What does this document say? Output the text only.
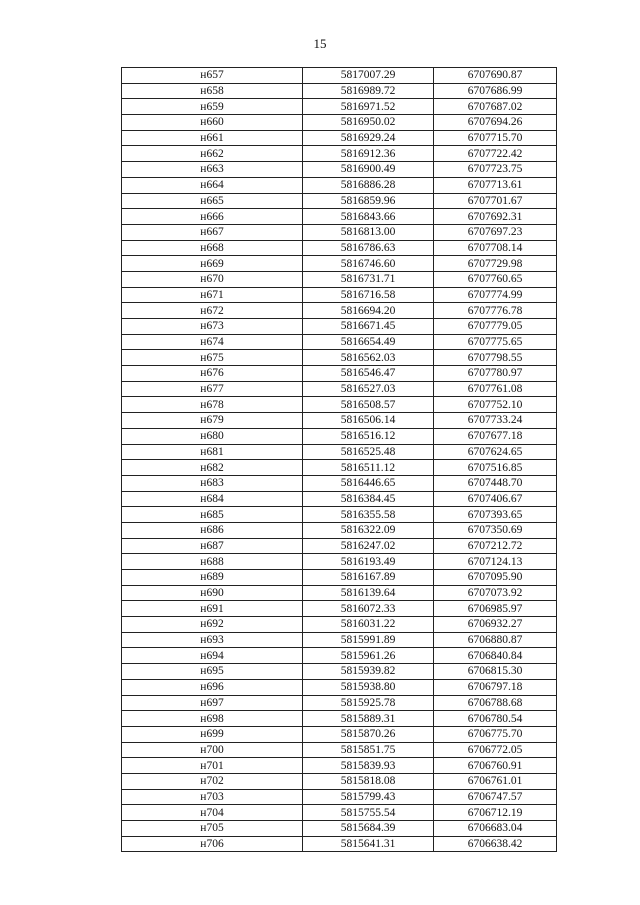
15
н657	5817007.29	6707690.87
н658	5816989.72	6707686.99
н659	5816971.52	6707687.02
н660	5816950.02	6707694.26
н661	5816929.24	6707715.70
н662	5816912.36	6707722.42
н663	5816900.49	6707723.75
н664	5816886.28	6707713.61
н665	5816859.96	6707701.67
н666	5816843.66	6707692.31
н667	5816813.00	6707697.23
н668	5816786.63	6707708.14
н669	5816746.60	6707729.98
н670	5816731.71	6707760.65
н671	5816716.58	6707774.99
н672	5816694.20	6707776.78
н673	5816671.45	6707779.05
н674	5816654.49	6707775.65
н675	5816562.03	6707798.55
н676	5816546.47	6707780.97
н677	5816527.03	6707761.08
н678	5816508.57	6707752.10
н679	5816506.14	6707733.24
н680	5816516.12	6707677.18
н681	5816525.48	6707624.65
н682	5816511.12	6707516.85
н683	5816446.65	6707448.70
н684	5816384.45	6707406.67
н685	5816355.58	6707393.65
н686	5816322.09	6707350.69
н687	5816247.02	6707212.72
н688	5816193.49	6707124.13
н689	5816167.89	6707095.90
н690	5816139.64	6707073.92
н691	5816072.33	6706985.97
н692	5816031.22	6706932.27
н693	5815991.89	6706880.87
н694	5815961.26	6706840.84
н695	5815939.82	6706815.30
н696	5815938.80	6706797.18
н697	5815925.78	6706788.68
н698	5815889.31	6706780.54
н699	5815870.26	6706775.70
н700	5815851.75	6706772.05
н701	5815839.93	6706760.91
н702	5815818.08	6706761.01
н703	5815799.43	6706747.57
н704	5815755.54	6706712.19
н705	5815684.39	6706683.04
н706	5815641.31	6706638.42
